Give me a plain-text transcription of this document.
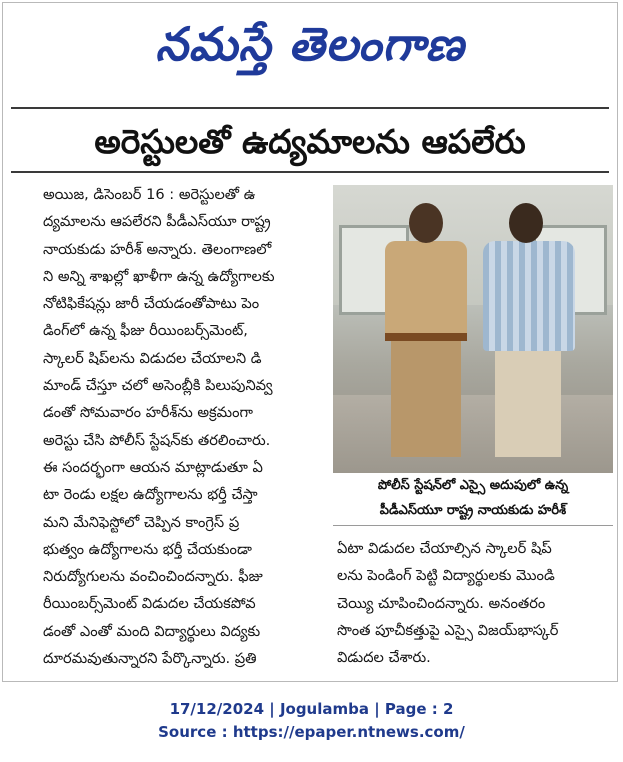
నమస్తే తెలంగాణ
అరెస్టులతో ఉద్యమాలను ఆపలేరు
అయిజ, డిసెంబర్ 16 : అరెస్టులతో ఉ
ద్యమాలను ఆపలేరని పీడీఎస్‌యూ రాష్ట్ర
నాయకుడు హరీశ్ అన్నారు. తెలంగాణలో
ని అన్ని శాఖల్లో ఖాళీగా ఉన్న ఉద్యోగాలకు
నోటిఫికేషన్లు జారీ చేయడంతోపాటు పెం
డింగ్‌లో ఉన్న ఫీజు రీయింబర్స్‌మెంట్,
స్కాలర్ షిప్‌లను విడుదల చేయాలని డి
మాండ్ చేస్తూ చలో అసెంబ్లీకి పిలుపునివ్వ
డంతో సోమవారం హరీశ్‌ను అక్రమంగా
అరెస్టు చేసి పోలీస్ స్టేషన్‌కు తరలించారు.
ఈ సందర్భంగా ఆయన మాట్లాడుతూ ఏ
టా రెండు లక్షల ఉద్యోగాలను భర్తీ చేస్తా
మని మేనిఫెస్టోలో చెప్పిన కాంగ్రెస్ ప్ర
భుత్వం ఉద్యోగాలను భర్తీ చేయకుండా
నిరుద్యోగులను వంచించిందన్నారు. ఫీజు
రీయింబర్స్‌మెంట్ విడుదల చేయకపోవ
డంతో ఎంతో మంది విద్యార్థులు విద్యకు
దూరమవుతున్నారని పేర్కొన్నారు. ప్రతి
పోలీస్ స్టేషన్‌లో ఎస్సై అదుపులో ఉన్న
పీడీఎస్‌యూ రాష్ట్ర నాయకుడు హరీశ్
ఏటా విడుదల చేయాల్సిన స్కాలర్ షిప్
లను పెండింగ్ పెట్టి విద్యార్థులకు మొండి
చెయ్యి చూపించిందన్నారు. అనంతరం
సొంత పూచీకత్తుపై ఎస్సై విజయ్‌భాస్కర్
విడుదల చేశారు.
17/12/2024 | Jogulamba | Page : 2
Source : https://epaper.ntnews.com/
